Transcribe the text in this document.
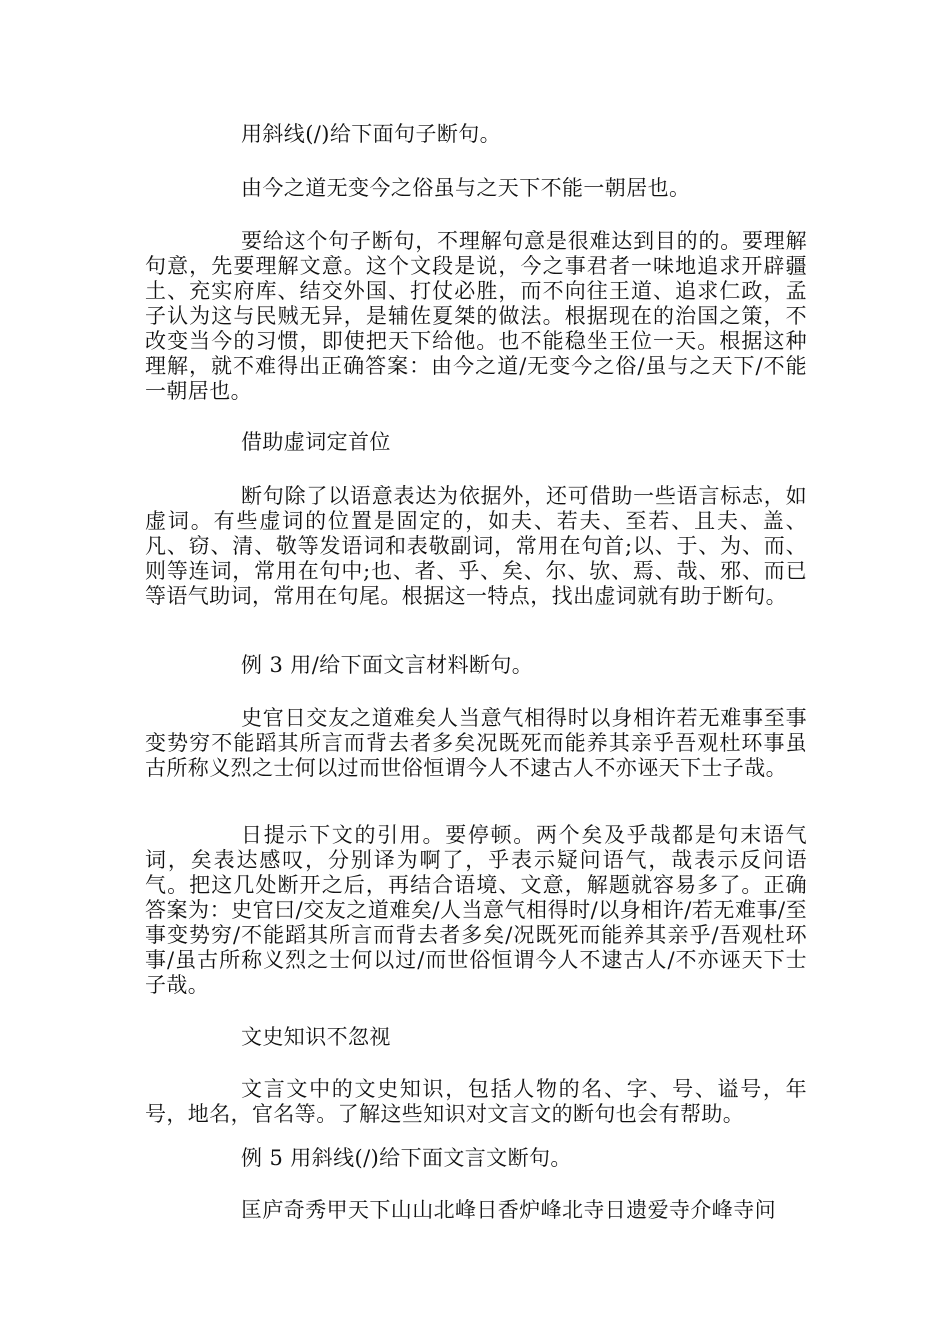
用斜线(/)给下面句子断句。

由今之道无变今之俗虽与之天下不能一朝居也。

要给这个句子断句，不理解句意是很难达到目的的。要理解句意，先要理解文意。这个文段是说，今之事君者一味地追求开辟疆土、充实府库、结交外国、打仗必胜，而不向往王道、追求仁政，孟子认为这与民贼无异，是辅佐夏桀的做法。根据现在的治国之策，不改变当今的习惯，即使把天下给他。也不能稳坐王位一天。根据这种理解，就不难得出正确答案：由今之道/无变今之俗/虽与之天下/不能一朝居也。

借助虚词定首位

断句除了以语意表达为依据外，还可借助一些语言标志，如虚词。有些虚词的位置是固定的，如夫、若夫、至若、且夫、盖、凡、窃、清、敬等发语词和表敬副词，常用在句首;以、于、为、而、则等连词，常用在句中;也、者、乎、矣、尔、欤、焉、哉、邪、而已等语气助词，常用在句尾。根据这一特点，找出虚词就有助于断句。

例 3 用/给下面文言材料断句。

史官日交友之道难矣人当意气相得时以身相许若无难事至事变势穷不能蹈其所言而背去者多矣况既死而能养其亲乎吾观杜环事虽古所称义烈之士何以过而世俗恒谓今人不逮古人不亦诬天下士子哉。

日提示下文的引用。要停顿。两个矣及乎哉都是句末语气词，矣表达感叹，分别译为啊了，乎表示疑问语气，哉表示反问语气。把这几处断开之后，再结合语境、文意，解题就容易多了。正确答案为：史官曰/交友之道难矣/人当意气相得时/以身相许/若无难事/至事变势穷/不能蹈其所言而背去者多矣/况既死而能养其亲乎/吾观杜环事/虽古所称义烈之士何以过/而世俗恒谓今人不逮古人/不亦诬天下士子哉。

文史知识不忽视

文言文中的文史知识，包括人物的名、字、号、谥号，年号，地名，官名等。了解这些知识对文言文的断句也会有帮助。

例 5 用斜线(/)给下面文言文断句。

匡庐奇秀甲天下山山北峰日香炉峰北寺日遗爱寺介峰寺问
